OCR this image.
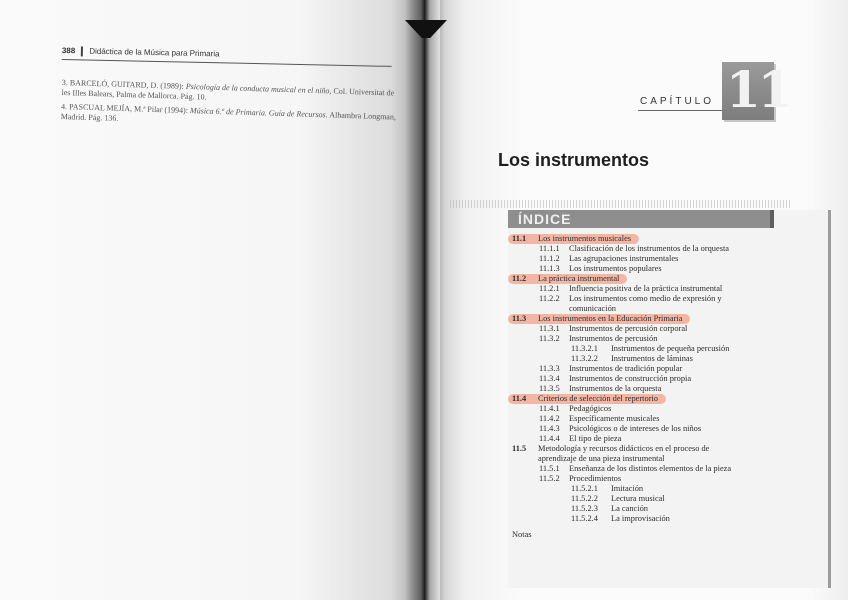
388 Didáctica de la Música para Primaria
3. BARCELÓ, GUITARD, D. (1989): Psicología de la conducta musical en el niño, Col. Universitat de les Illes Balears, Palma de Mallorca. Pág. 10.
4. PASCUAL MEJÍA, M.ª Pilar (1994): Música 6.º de Primaria. Guía de Recursos. Alhambra Longman, Madrid. Pág. 136.
CAPÍTULO 11
Los instrumentos
ÍNDICE
11.1 Los instrumentos musicales
11.1.1 Clasificación de los instrumentos de la orquesta
11.1.2 Las agrupaciones instrumentales
11.1.3 Los instrumentos populares
11.2 La práctica instrumental
11.2.1 Influencia positiva de la práctica instrumental
11.2.2 Los instrumentos como medio de expresión y
comunicación
11.3 Los instrumentos en la Educación Primaria
11.3.1 Instrumentos de percusión corporal
11.3.2 Instrumentos de percusión
11.3.2.1 Instrumentos de pequeña percusión
11.3.2.2 Instrumentos de láminas
11.3.3 Instrumentos de tradición popular
11.3.4 Instrumentos de construcción propia
11.3.5 Instrumentos de la orquesta
11.4 Criterios de selección del repertorio
11.4.1 Pedagógicos
11.4.2 Específicamente musicales
11.4.3 Psicológicos o de intereses de los niños
11.4.4 El tipo de pieza
11.5 Metodología y recursos didácticos en el proceso de
aprendizaje de una pieza instrumental
11.5.1 Enseñanza de los distintos elementos de la pieza
11.5.2 Procedimientos
11.5.2.1 Imitación
11.5.2.2 Lectura musical
11.5.2.3 La canción
11.5.2.4 La improvisación
Notas
